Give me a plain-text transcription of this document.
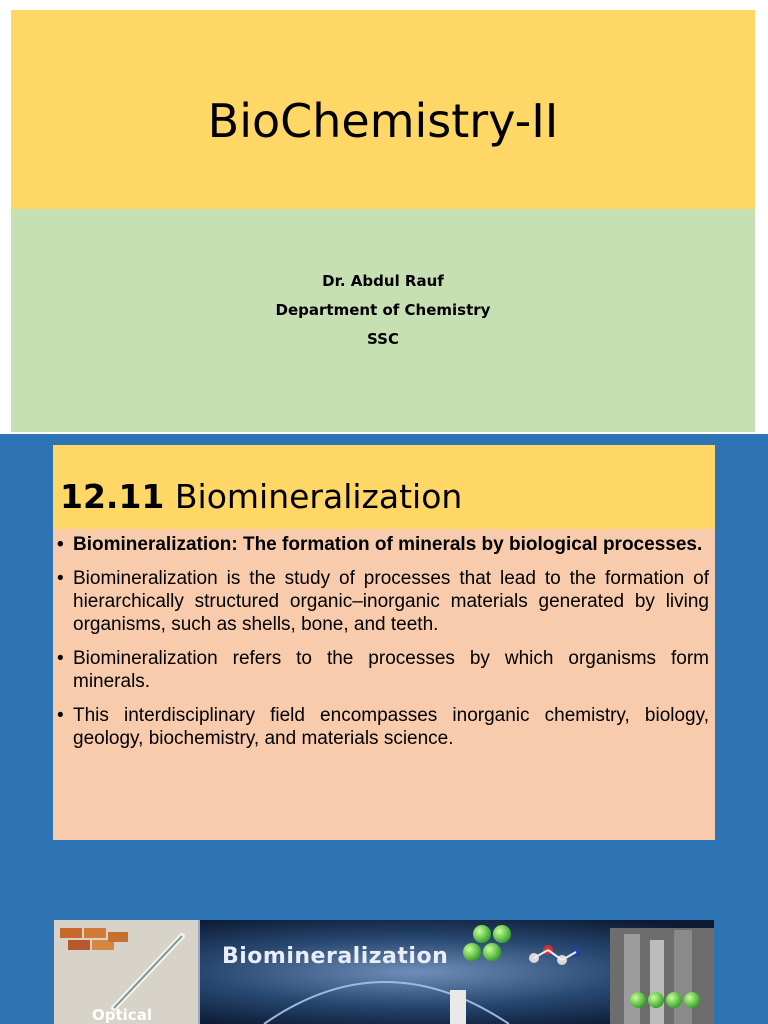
BioChemistry-II
Dr. Abdul Rauf
Department of Chemistry
SSC
12.11 Biomineralization
• Biomineralization: The formation of minerals by biological processes.
• Biomineralization is the study of processes that lead to the formation of hierarchically structured organic–inorganic materials generated by living organisms, such as shells, bone, and teeth.
• Biomineralization refers to the processes by which organisms form minerals.
• This interdisciplinary field encompasses inorganic chemistry, biology, geology, biochemistry, and materials science.
Biomineralization
Optical
